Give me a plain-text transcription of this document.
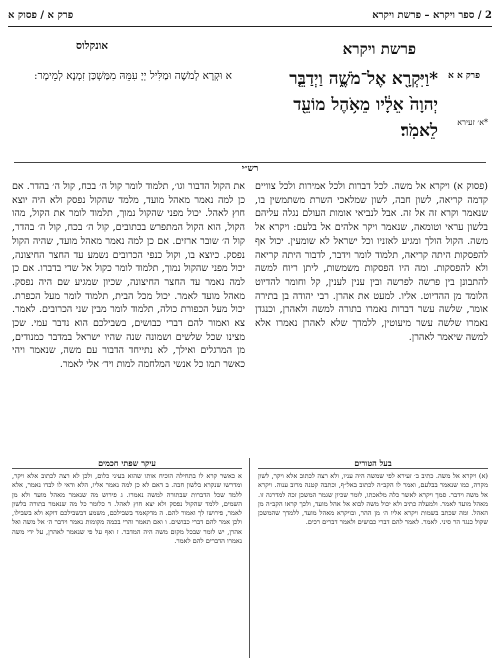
2 / ספר ויקרא – פרשת ויקרא
פרק א / פסוק א
פרשת ויקרא
אונקלוס
פרק א א
*וַיִּקְרָ֖א אֶל־מֹשֶׁ֑ה וַיְדַבֵּ֤ר יְהוָה֙ אֵלָ֔יו מֵאֹ֥הֶל מוֹעֵ֖ד לֵאמֹֽר׃
א וּקְרָא לְמֹשֶׁה וּמַלִּיל יְיָ עִמֵּהּ מִמַּשְׁכַּן זִמְנָא לְמֵימָר:
*א׳ זעירא
רש״י
(פסוק א) ויקרא אל משה. לכל דברות ולכל אמירות ולכל צוויים קדמה קריאה, לשון חבה, לשון שמלאכי השרת משתמשין בו, שנאמר וקרא זה אל זה. אבל לנביאי אומות העולם נגלה עליהם בלשון עראי וטומאה, שנאמר ויקר אלהים אל בלעם: ויקרא אל משה. הקול הולך ומגיע לאזניו וכל ישראל לא שומעין. יכול אף להפסקות היתה קריאה, תלמוד לומר וידבר, לדבור היתה קריאה ולא להפסקות. ומה היו הפסקות משמשות, ליתן ריוח למשה להתבונן בין פרשה לפרשה ובין ענין לענין, קל וחומר להדיוט הלומד מן ההדיוט. אליו. למעט את אהרן. רבי יהודה בן בתירה אומר, שלשה עשר דברות נאמרו בתורה למשה ולאהרן, וכנגדן נאמרו שלשה עשר מיעוטין, ללמדך שלא לאהרן נאמרו אלא למשה שיאמר לאהרן.
את הקול הדבור וגו׳, תלמוד לומר קול ה׳ בכח, קול ה׳ בהדר. אם כן למה נאמר מאהל מועד, מלמד שהקול נפסק ולא היה יוצא חוץ לאהל. יכול מפני שהקול נמוך, תלמוד לומר את הקול, מהו הקול, הוא הקול המתפרש בכתובים, קול ה׳ בכח, קול ה׳ בהדר, קול ה׳ שובר ארזים. אם כן למה נאמר מאהל מועד, שהיה הקול נפסק. כיוצא בו, וקול כנפי הכרובים נשמע עד החצר החיצונה, יכול מפני שהקול נמוך, תלמוד לומר כקול אל שדי בדברו. אם כן למה נאמר עד החצר החיצונה, שכיון שמגיע שם היה נפסק. מאהל מועד לאמר. יכול מכל הבית, תלמוד לומר מעל הכפרת. יכול מעל הכפורת כולה, תלמוד לומר מבין שני הכרובים. לאמר. צא ואמור להם דברי כבושים, בשבילכם הוא נדבר עמי. שכן מצינו שכל שלשים ושמונה שנה שהיו ישראל במדבר כמנודים, מן המרגלים ואילך, לא נתייחד הדבור עם משה, שנאמר ויהי כאשר תמו כל אנשי המלחמה למות ויד׳ אלי לאמר.
בעל הטורים
עיקר שפתי חכמים
(א) ויקרא אל משה. כתיב ב׳ זעירא לפי שמשה היה עניו, ולא רצה לכתוב אלא ויקר, לשון מקרה, כמו שנאמר בבלעם, ואמר לו הקב״ה לכתוב באל״ף, וכתבה קטנה מרוב ענוה. ויקרא אל משה וידבר. סמך ויקרא לאשר כלה מלאכתו, לומר שכיון שגמר המשכן זכה למדרגה זו. מאהל מועד לאמר. ולמעלה כתיב ולא יכול משה לבוא אל אהל מועד, ולכך קראו הקב״ה מן האהל. ומה שכתב בשמות ויקרא אליו ה׳ מן ההר, ובויקרא מאהל מועד, ללמדך שהמשכן שקול כנגד הר סיני. לאמר. לאמר להם דברי כבושים ולאמר דברים רכים.
א כאשר קרא לו בתחילה הוכיח אותו שהוא בעיני כלום, ולכן לא רצה לכתוב אלא ויקר, ומדרשו שנקרא בלשון חבה. ב דאם לא כן למה נאמר אליו, הלא ודאי לו לבדו נאמר, אלא ללמד שכל הדברות שבתורה למשה נאמרו. ג פירוש מה שנאמר מאהל מועד ולא מן השמים, ללמד שהקול נפסק ולא יצא חוץ לאהל. ד כלומר כל מה שנאמר בתורה בלשון לאמר, פירושו לך ואמור להם. ה מדקאמר בשבילכם, משמע דבשבילכם דוקא ולא בשבילו, ולכן אמר להם דברי כבושים. ו ואם תאמר והרי בכמה מקומות נאמר וידבר ה׳ אל משה ואל אהרן, יש לומר שבכל מקום משה היה המדבר. ז ואף על פי שנאמר לאהרן, על ידי משה נאמרו הדברים להם לאמר.
